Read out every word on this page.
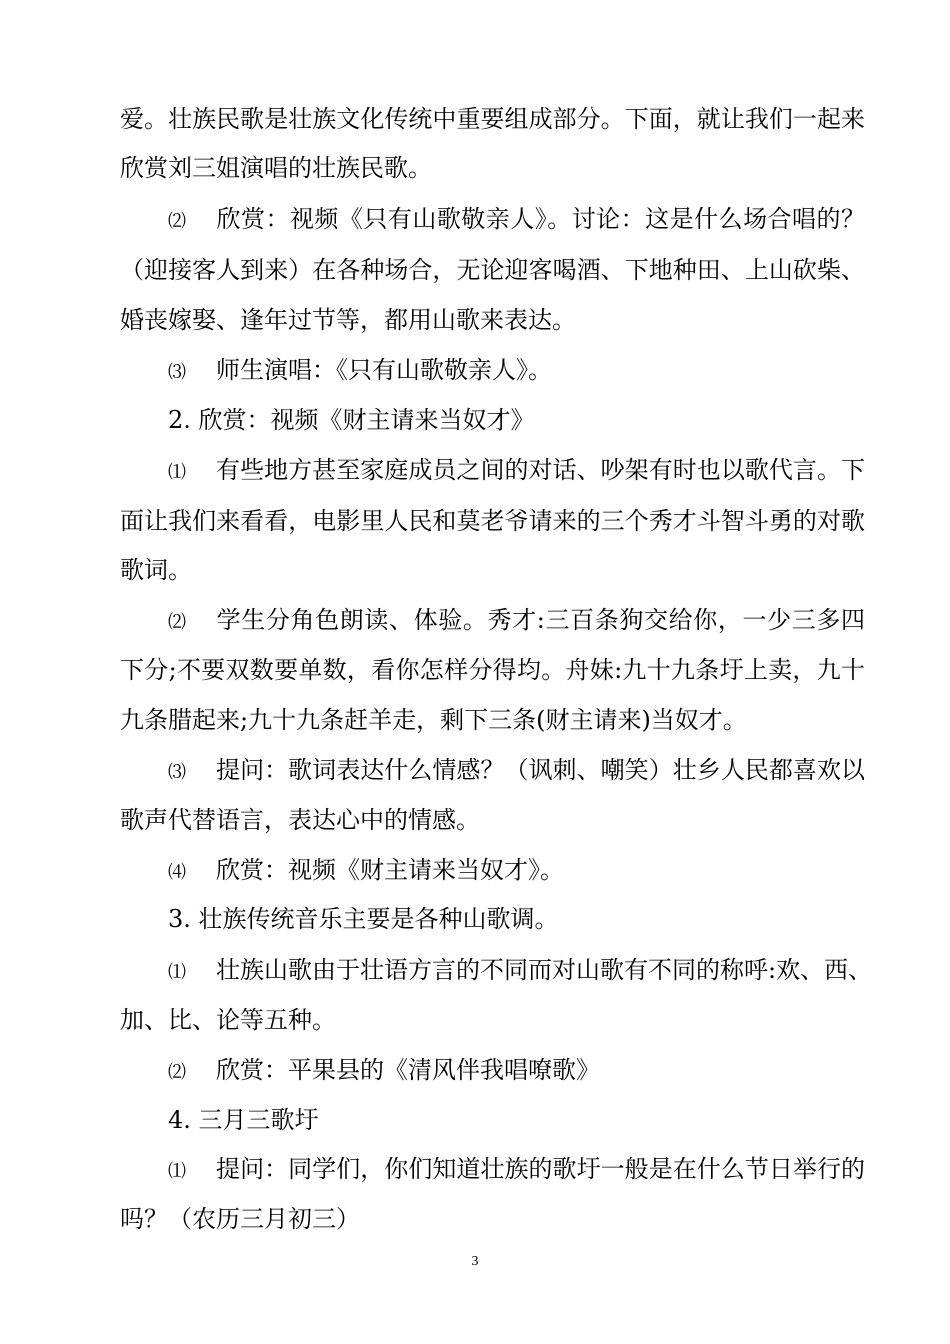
爱。壮族民歌是壮族文化传统中重要组成部分。下面，就让我们一起来
欣赏刘三姐演唱的壮族民歌。
⑵ 欣赏：视频《只有山歌敬亲人》。讨论：这是什么场合唱的？
（迎接客人到来）在各种场合，无论迎客喝酒、下地种田、上山砍柴、
婚丧嫁娶、逢年过节等，都用山歌来表达。
⑶ 师生演唱：《只有山歌敬亲人》。
2. 欣赏：视频《财主请来当奴才》
⑴ 有些地方甚至家庭成员之间的对话、吵架有时也以歌代言。下
面让我们来看看，电影里人民和莫老爷请来的三个秀才斗智斗勇的对歌
歌词。
⑵ 学生分角色朗读、体验。秀才:三百条狗交给你，一少三多四
下分;不要双数要单数，看你怎样分得均。舟妹:九十九条圩上卖，九十
九条腊起来;九十九条赶羊走，剩下三条(财主请来)当奴才。
⑶ 提问：歌词表达什么情感？（讽刺、嘲笑）壮乡人民都喜欢以
歌声代替语言，表达心中的情感。
⑷ 欣赏：视频《财主请来当奴才》。
3. 壮族传统音乐主要是各种山歌调。
⑴ 壮族山歌由于壮语方言的不同而对山歌有不同的称呼:欢、西、
加、比、论等五种。
⑵ 欣赏：平果县的《清风伴我唱嘹歌》
4. 三月三歌圩
⑴ 提问：同学们，你们知道壮族的歌圩一般是在什么节日举行的
吗？（农历三月初三）
3
